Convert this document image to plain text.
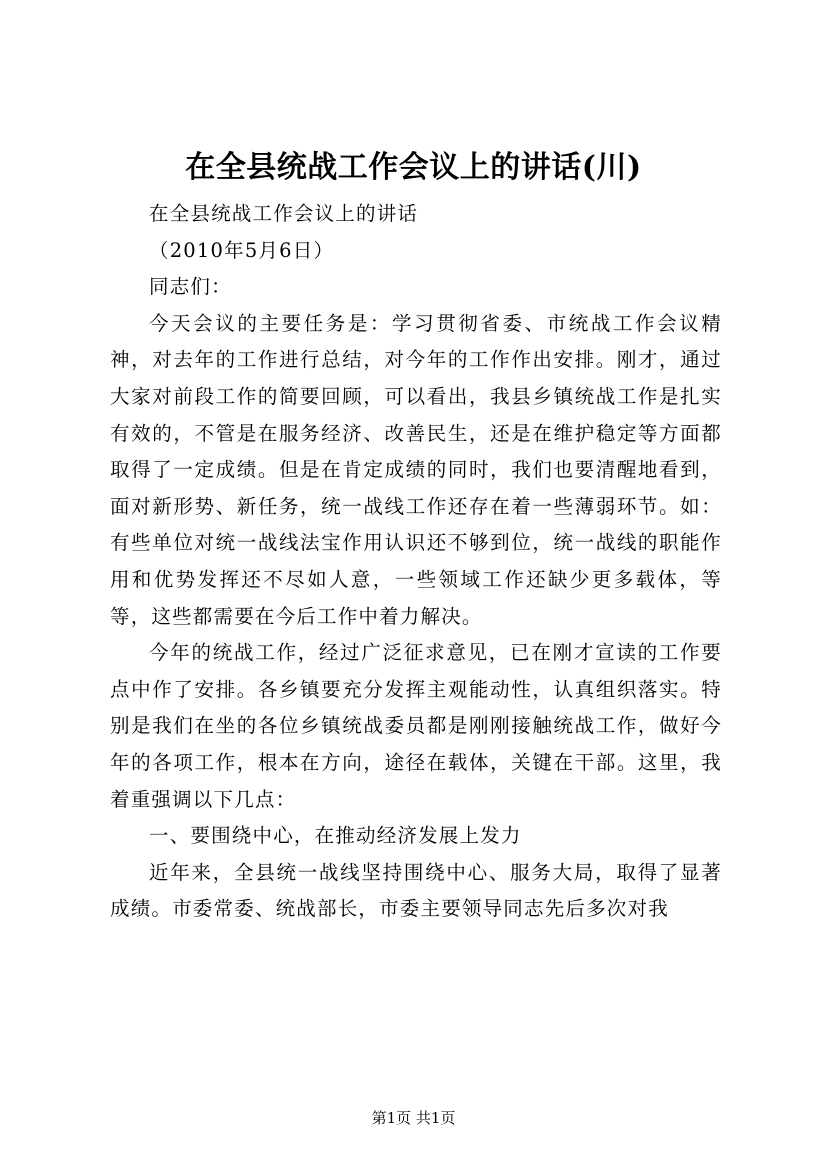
在全县统战工作会议上的讲话(川)

在全县统战工作会议上的讲话

（2010年5月6日）

同志们：

今天会议的主要任务是：学习贯彻省委、市统战工作会议精神，对去年的工作进行总结，对今年的工作作出安排。刚才，通过大家对前段工作的简要回顾，可以看出，我县乡镇统战工作是扎实有效的，不管是在服务经济、改善民生，还是在维护稳定等方面都取得了一定成绩。但是在肯定成绩的同时，我们也要清醒地看到，面对新形势、新任务，统一战线工作还存在着一些薄弱环节。如：有些单位对统一战线法宝作用认识还不够到位，统一战线的职能作用和优势发挥还不尽如人意，一些领域工作还缺少更多载体，等等，这些都需要在今后工作中着力解决。

今年的统战工作，经过广泛征求意见，已在刚才宣读的工作要点中作了安排。各乡镇要充分发挥主观能动性，认真组织落实。特别是我们在坐的各位乡镇统战委员都是刚刚接触统战工作，做好今年的各项工作，根本在方向，途径在载体，关键在干部。这里，我着重强调以下几点：

一、要围绕中心，在推动经济发展上发力

近年来，全县统一战线坚持围绕中心、服务大局，取得了显著成绩。市委常委、统战部长，市委主要领导同志先后多次对我

第1页 共1页
